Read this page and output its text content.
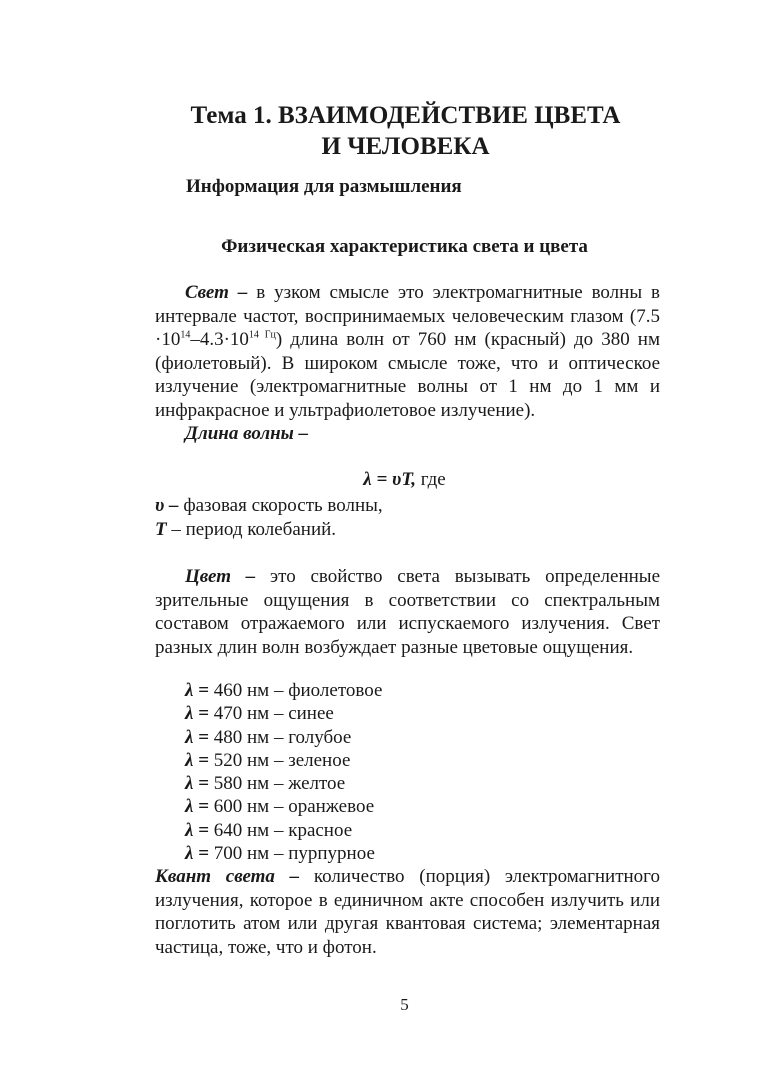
Тема 1. ВЗАИМОДЕЙСТВИЕ ЦВЕТА
И ЧЕЛОВЕКА
Информация для размышления
Физическая характеристика света и цвета

Свет – в узком смысле это электромагнитные волны в интервале частот, воспринимаемых человеческим глазом $(7.5 \cdot 10^{14}-4.3\cdot 10^{14 Гц})$ длина волн от 760 нм (красный) до 380 нм (фиолетовый). В широком смысле тоже, что и оптическое излучение (электромагнитные волны от 1 нм до 1 мм и инфракрасное и ультрафиолетовое излучение).

Длина волны –

λ = υT, где
υ – фазовая скорость волны,
T – период колебаний.

Цвет – это свойство света вызывать определенные зрительные ощущения в соответствии со спектральным составом отражаемого или испускаемого излучения. Свет разных длин волн возбуждает разные цветовые ощущения.

λ = 460 нм – фиолетовое
λ = 470 нм – синее
λ = 480 нм – голубое
λ = 520 нм – зеленое
λ = 580 нм – желтое
λ = 600 нм – оранжевое
λ = 640 нм – красное
λ = 700 нм – пурпурное

Квант света – количество (порция) электромагнитного излучения, которое в единичном акте способен излучить или поглотить атом или другая квантовая система; элементарная частица, тоже, что и фотон.

5
